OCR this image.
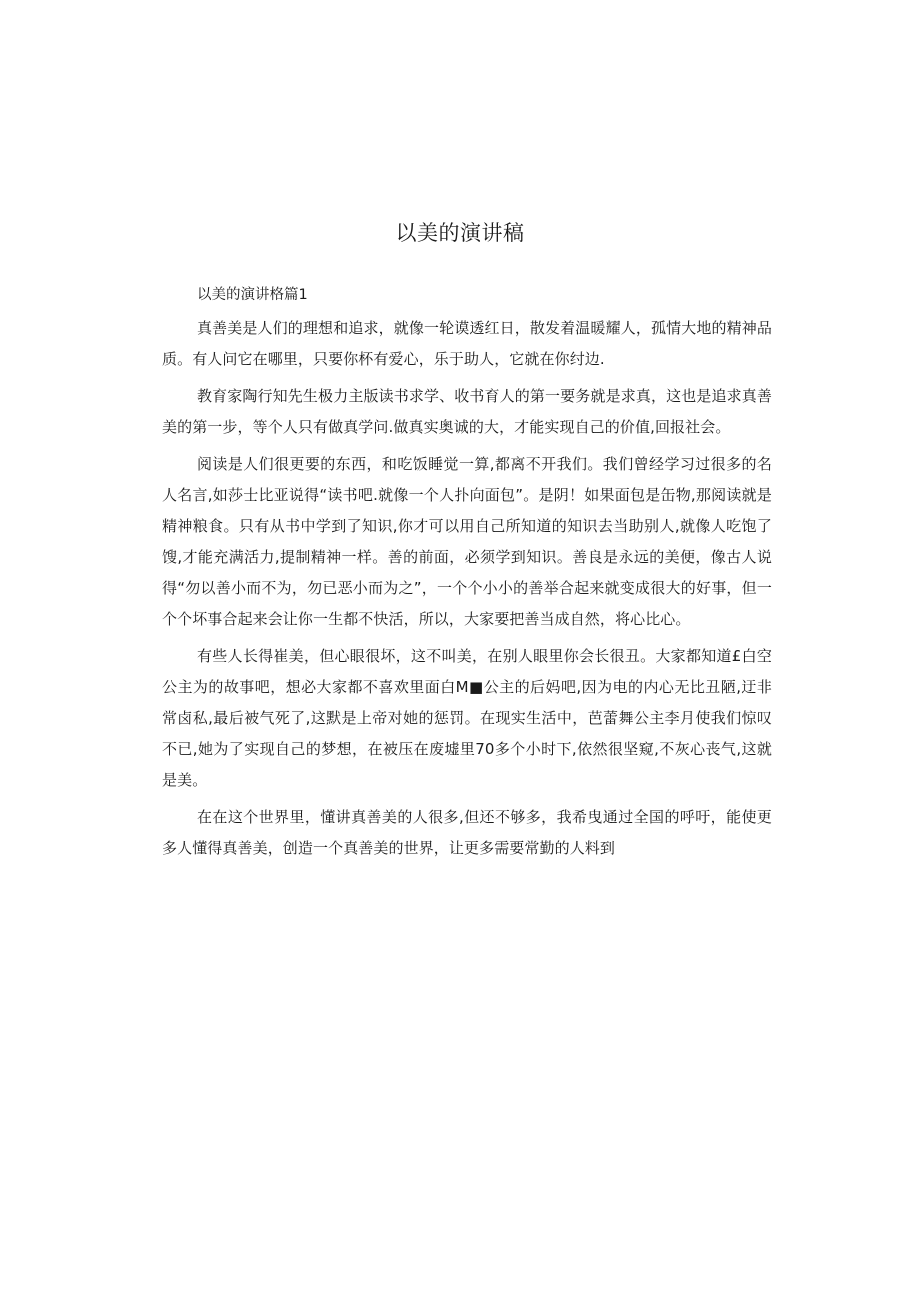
以美的演讲稿

以美的演讲格篇1

真善美是人们的理想和追求，就像一轮谟透红日，散发着温暖耀人，孤情大地的精神品质。有人问它在哪里，只要你杯有爱心，乐于助人，它就在你纣边.

教育家陶行知先生极力主版读书求学、收书育人的第一要务就是求真，这也是追求真善美的第一步，等个人只有做真学问.做真实奥诚的大，才能实现自己的价值,回报社会。

阅读是人们很更要的东西，和吃饭睡觉一算,都离不开我们。我们曾经学习过很多的名人名言,如莎士比亚说得“读书吧.就像一个人扑向面包”。是阴！如果面包是缶物,那阅读就是精神粮食。只有从书中学到了知识,你才可以用自己所知道的知识去当助别人,就像人吃饱了馊,才能充满活力,提制精神一样。善的前面，必须学到知识。善良是永远的美便，像古人说得“勿以善小而不为，勿已恶小而为之”，一个个小小的善举合起来就变成很大的好事，但一个个坏事合起来会让你一生都不快活，所以，大家要把善当成自然，将心比心。

有些人长得崔美，但心眼很坏，这不叫美，在别人眼里你会长很丑。大家都知道£白空公主为的故事吧，想必大家都不喜欢里面白M■公主的后妈吧,因为电的内心无比丑陋,迂非常卤私,最后被气死了,这默是上帝对她的惩罚。在现实生活中，芭蕾舞公主李月使我们惊叹不已,她为了实现自己的梦想，在被压在废墟里70多个小时下,依然很坚窥,不灰心丧气,这就是美。

在在这个世界里，懂讲真善美的人很多,但还不够多，我希曳通过全国的呼吁，能使更多人懂得真善美，创造一个真善美的世界，让更多需要常勤的人料到
